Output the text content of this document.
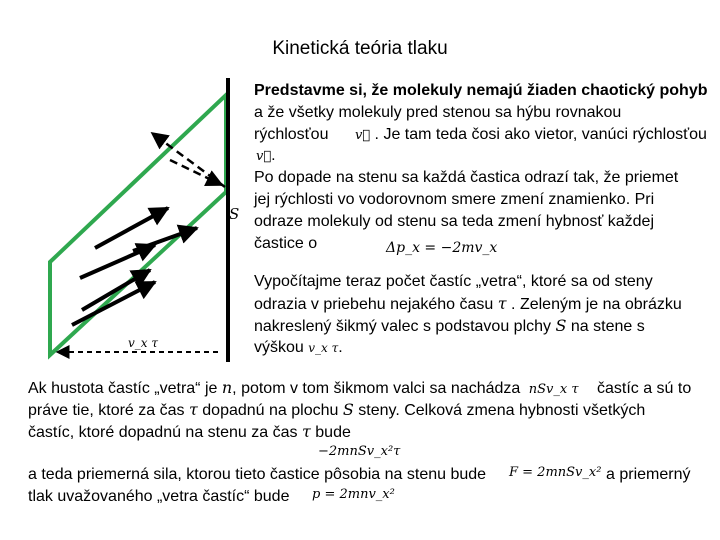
Kinetická teória tlaku
S
v_x τ
Predstavme si, že molekuly nemajú žiaden chaotický pohyb
a že všetky molekuly pred stenou sa hýbu rovnakou
rýchlosťou v⃗ . Je tam teda čosi ako vietor, vanúci rýchlosťou
v⃗.
Po dopade na stenu sa každá častica odrazí tak, že priemet
jej rýchlosti vo vodorovnom smere zmení znamienko. Pri
odraze molekuly od stenu sa teda zmení hybnosť každej
častice o	Δp_x = −2mv_x
Vypočítajme teraz počet častíc „vetra“, ktoré sa od steny
odrazia v priebehu nejakého času τ . Zeleným je na obrázku
nakreslený šikmý valec s podstavou plchy S na stene s
výškou v_x τ.
Ak hustota častíc „vetra“ je n, potom v tom šikmom valci sa nachádza nSv_x τ častíc a sú to
práve tie, ktoré za čas τ dopadnú na plochu S steny. Celková zmena hybnosti všetkých
častíc, ktoré dopadnú na stenu za čas τ bude
−2mnSv_x²τ
a teda priemerná sila, ktorou tieto častice pôsobia na stenu bude F = 2mnSv_x² a priemerný
tlak uvažovaného „vetra častíc“ bude p = 2mnv_x²
